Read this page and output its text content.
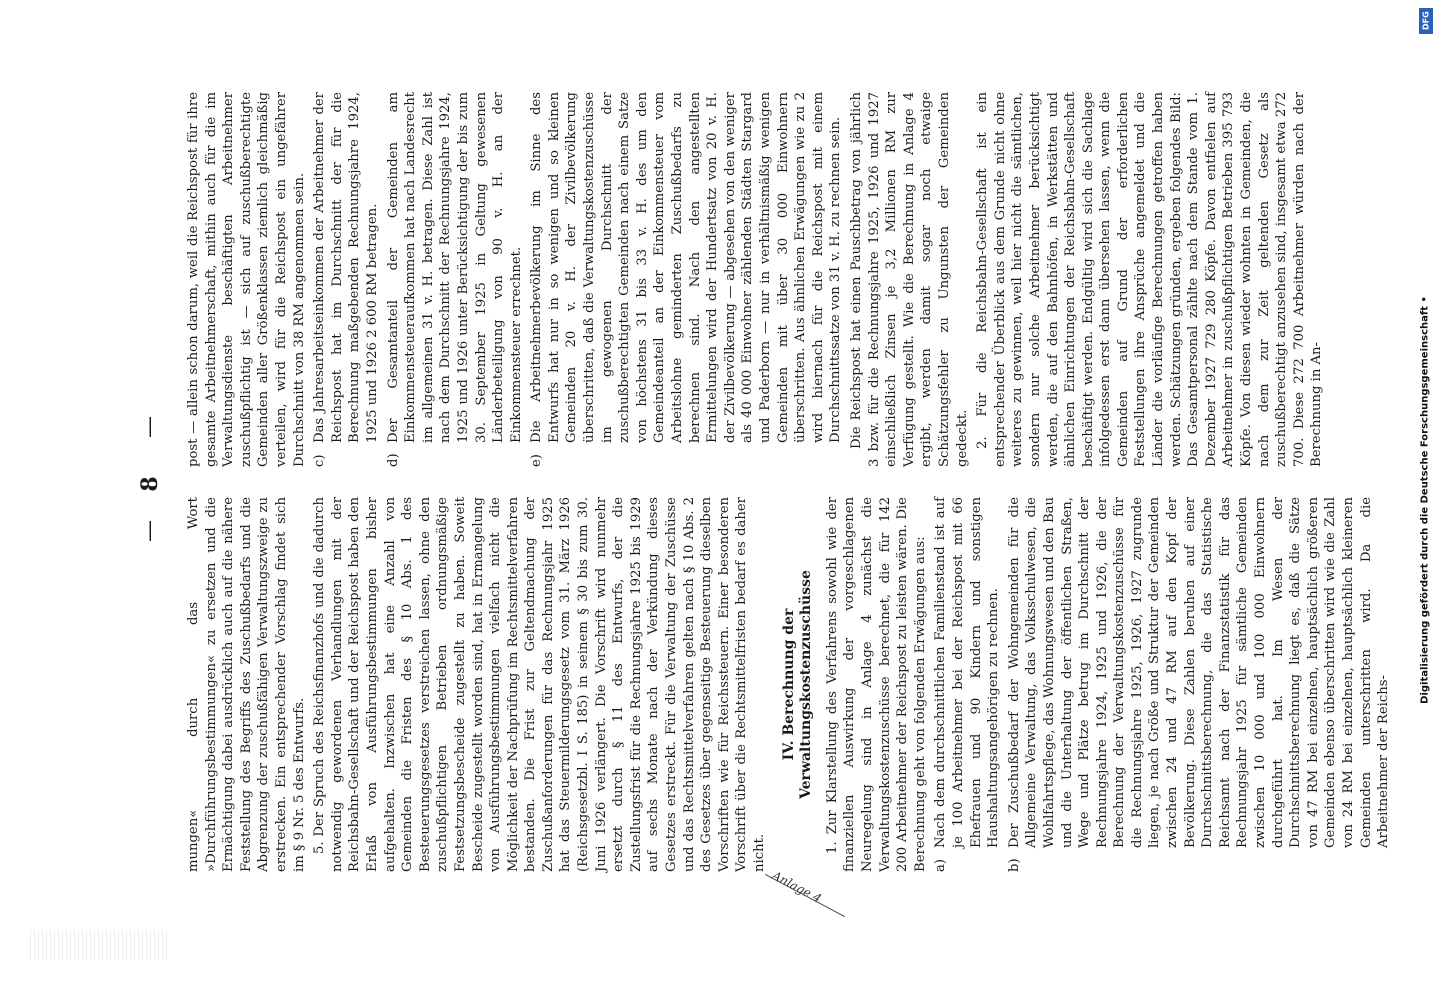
—
8
—

mungen« durch das Wort »Durchführungsbestimmungen« zu ersetzen und die Ermächtigung dabei ausdrücklich auch auf die nähere Feststellung des Begriffs des Zuschußbedarfs und die Abgrenzung der zuschußfähigen Verwaltungszweige zu erstrecken. Ein entsprechender Vorschlag findet sich im § 9 Nr. 5 des Entwurfs. 5. Der Spruch des Reichsfinanzhofs und die dadurch notwendig gewordenen Verhandlungen mit der Reichsbahn-Gesellschaft und der Reichspost haben den Erlaß von Ausführungsbestimmungen bisher aufgehalten. Inzwischen hat eine Anzahl von Gemeinden die Fristen des § 10 Abs. 1 des Besteuerungsgesetzes verstreichen lassen, ohne den zuschußpflichtigen Betrieben ordnungsmäßige Festsetzungsbescheide zugestellt zu haben. Soweit Bescheide zugestellt worden sind, hat in Ermangelung von Ausführungsbestimmungen vielfach nicht die Möglichkeit der Nachprüfung im Rechtsmittelverfahren bestanden. Die Frist zur Geltendmachung der Zuschußanforderungen für das Rechnungsjahr 1925 hat das Steuermilderungsgesetz vom 31. März 1926 (Reichsgesetzbl. I S. 185) in seinem § 30 bis zum 30. Juni 1926 verlängert. Die Vorschrift wird nunmehr ersetzt durch § 11 des Entwurfs, der die Zustellungsfrist für die Rechnungsjahre 1925 bis 1929 auf sechs Monate nach der Verkündung dieses Gesetzes erstreckt. Für die Verwaltung der Zuschüsse und das Rechtsmittelverfahren gelten nach § 10 Abs. 2 des Gesetzes über gegenseitige Besteuerung dieselben Vorschriften wie für Reichssteuern. Einer besonderen Vorschrift über die Rechtsmittelfristen bedarf es daher nicht.

IV. Berechnung der Verwaltungskostenzuschüsse 1. Zur Klarstellung des Verfahrens sowohl wie der finanziellen Auswirkung der vorgeschlagenen Neuregelung sind in Anlage 4 zunächst die Verwaltungskostenzuschüsse berechnet, die für 142 200 Arbeitnehmer der Reichspost zu leisten wären. Die Berechnung geht von folgenden Erwägungen aus: a)
Nach dem durchschnittlichen Familienstand ist auf je 100 Arbeitnehmer bei der Reichspost mit 66 Ehefrauen und 90 Kindern und sonstigen Haushaltungsangehörigen zu rechnen.
b)
Der Zuschußbedarf der Wohngemeinden für die Allgemeine Verwaltung, das Volksschulwesen, die Wohlfahrtspflege, das Wohnungswesen und den Bau und die Unterhaltung der öffentlichen Straßen, Wege und Plätze betrug im Durchschnitt der Rechnungsjahre 1924, 1925 und 1926, die der Berechnung der Verwaltungskostenzuschüsse für die Rechnungsjahre 1925, 1926, 1927 zugrunde liegen, je nach Größe und Struktur der Gemeinden zwischen 24 und 47 RM auf den Kopf der Bevölkerung. Diese Zahlen beruhen auf einer Durchschnittsberechnung, die das Statistische Reichsamt nach der Finanzstatistik für das Rechnungsjahr 1925 für sämtliche Gemeinden zwischen 10 000 und 100 000 Einwohnern durchgeführt hat. Im Wesen der Durchschnittsberechnung liegt es, daß die Sätze von 47 RM bei einzelnen, hauptsächlich größeren Gemeinden ebenso überschritten wird wie die Zahl von 24 RM bei einzelnen, hauptsächlich kleineren Gemeinden unterschritten wird. Da die Arbeitnehmer der Reichs-

post — allein schon darum, weil die Reichspost für ihre gesamte Arbeitnehmerschaft, mithin auch für die im Verwaltungsdienste beschäftigten Arbeitnehmer zuschußpflichtig ist — sich auf zuschußberechtigte Gemeinden aller Größenklassen ziemlich gleichmäßig verteilen, wird für die Reichspost ein ungefährer Durchschnitt von 38 RM angenommen sein. c)
Das Jahresarbeitseinkommen der Arbeitnehmer der Reichspost hat im Durchschnitt der für die Berechnung maßgebenden Rechnungsjahre 1924, 1925 und 1926 2 600 RM betragen.
d)
Der Gesamtanteil der Gemeinden am Einkommensteueraufkommen hat nach Landesrecht im allgemeinen 31 v. H. betragen. Diese Zahl ist nach dem Durchschnitt der Rechnungsjahre 1924, 1925 und 1926 unter Berücksichtigung der bis zum 30. September 1925 in Geltung gewesenen Länderbeteiligung von 90 v. H. an der Einkommensteuer errechnet.
e)
Die Arbeitnehmerbevölkerung im Sinne des Entwurfs hat nur in so wenigen und so kleinen Gemeinden 20 v. H. der Zivilbevölkerung überschritten, daß die Verwaltungskostenzuschüsse im gewogenen Durchschnitt der zuschußberechtigten Gemeinden nach einem Satze von höchstens 31 bis 33 v. H. des um den Gemeindeanteil an der Einkommensteuer vom Arbeitslohne geminderten Zuschußbedarfs zu berechnen sind. Nach den angestellten Ermittelungen wird der Hundertsatz von 20 v. H. der Zivilbevölkerung — abgesehen von den weniger als 40 000 Einwohner zählenden Städten Stargard und Paderborn — nur in verhältnismäßig wenigen Gemeinden mit über 30 000 Einwohnern überschritten. Aus ähnlichen Erwägungen wie zu 2 wird hiernach für die Reichspost mit einem Durchschnittssatze von 31 v. H. zu rechnen sein. Die Reichspost hat einen Pauschbetrag von jährlich 3 bzw. für die Rechnungsjahre 1925, 1926 und 1927 einschließlich Zinsen je 3,2 Millionen RM zur Verfügung gestellt. Wie die Berechnung in Anlage 4 ergibt, werden damit sogar noch etwaige Schätzungsfehler zu Ungunsten der Gemeinden gedeckt. 2. Für die Reichsbahn-Gesellschaft ist ein entsprechender Überblick aus dem Grunde nicht ohne weiteres zu gewinnen, weil hier nicht die sämtlichen, sondern nur solche Arbeitnehmer berücksichtigt werden, die auf den Bahnhöfen, in Werkstätten und ähnlichen Einrichtungen der Reichsbahn-Gesellschaft beschäftigt werden. Endgültig wird sich die Sachlage infolgedessen erst dann übersehen lassen, wenn die Gemeinden auf Grund der erforderlichen Feststellungen ihre Ansprüche angemeldet und die Länder die vorläufige Berechnungen getroffen haben werden. Schätzungen gründen, ergeben folgendes Bild: Das Gesamtpersonal zählte nach dem Stande vom 1. Dezember 1927 729 280 Köpfe. Davon entfielen auf Arbeitnehmer in zuschußpflichtigen Betrieben 395 793 Köpfe. Von diesen wieder wohnten in Gemeinden, die nach dem zur Zeit geltenden Gesetz als zuschußberechtigt anzusehen sind, insgesamt etwa 272 700. Diese 272 700 Arbeitnehmer würden nach der Berechnung in An-

Anlage 4
DFG
Digitalisierung gefördert durch die Deutsche Forschungsgemeinschaft •
